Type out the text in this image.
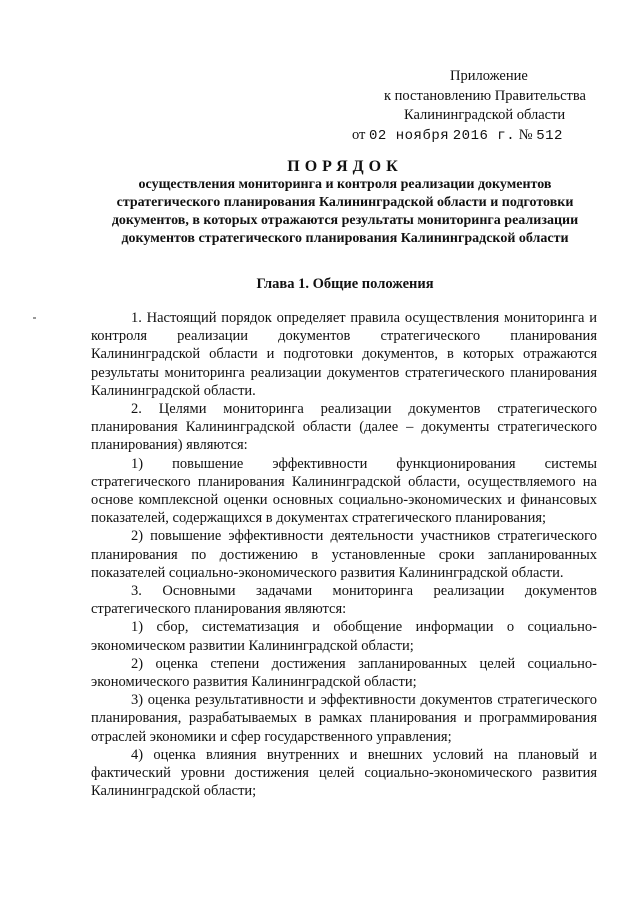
Приложение
к постановлению Правительства
Калининградской области
от 02 ноября 2016 г. № 512
ПОРЯДОК
осуществления мониторинга и контроля реализации документов стратегического планирования Калининградской области и подготовки документов, в которых отражаются результаты мониторинга реализации документов стратегического планирования Калининградской области
Глава 1. Общие положения

1. Настоящий порядок определяет правила осуществления мониторинга и контроля реализации документов стратегического планирования Калининградской области и подготовки документов, в которых отражаются результаты мониторинга реализации документов стратегического планирования Калининградской области.

2. Целями мониторинга реализации документов стратегического планирования Калининградской области (далее – документы стратегического планирования) являются:

1) повышение эффективности функционирования системы стратегического планирования Калининградской области, осуществляемого на основе комплексной оценки основных социально-экономических и финансовых показателей, содержащихся в документах стратегического планирования;

2) повышение эффективности деятельности участников стратегического планирования по достижению в установленные сроки запланированных показателей социально-экономического развития Калининградской области.

3. Основными задачами мониторинга реализации документов стратегического планирования являются:

1) сбор, систематизация и обобщение информации о социально-экономическом развитии Калининградской области;

2) оценка степени достижения запланированных целей социально-экономического развития Калининградской области;

3) оценка результативности и эффективности документов стратегического планирования, разрабатываемых в рамках планирования и программирования отраслей экономики и сфер государственного управления;

4) оценка влияния внутренних и внешних условий на плановый и фактический уровни достижения целей социально-экономического развития Калининградской области;
